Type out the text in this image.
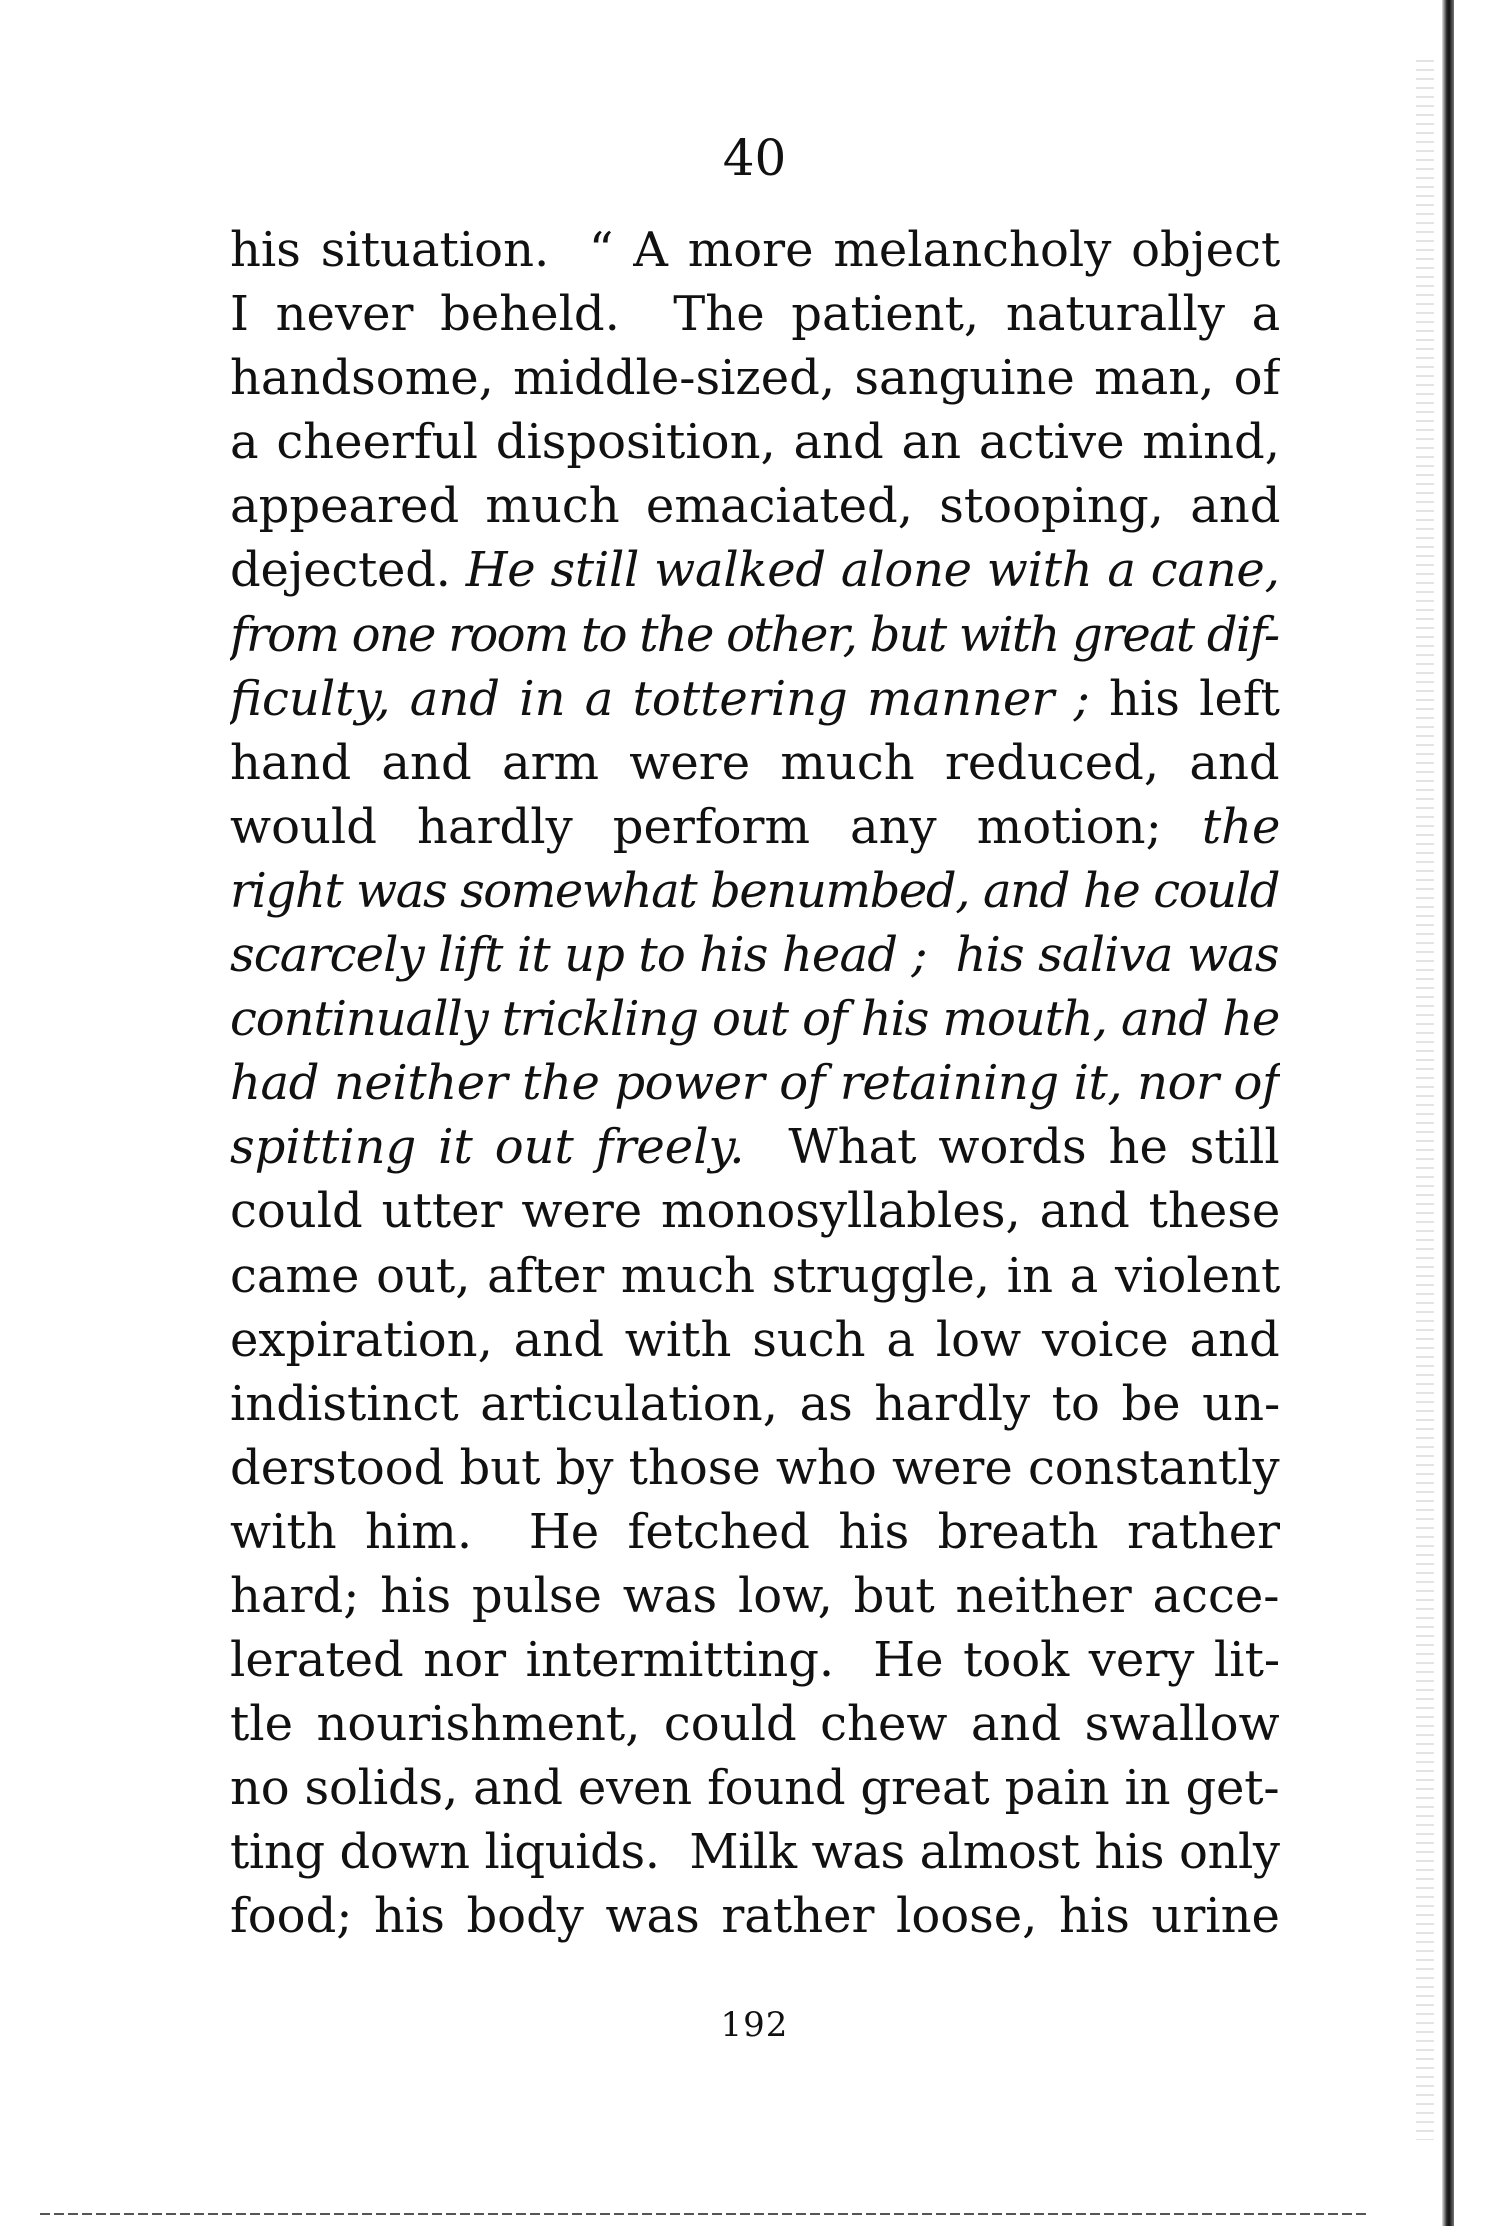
40
his situation.  “ A more melancholy object
I never beheld.  The patient, naturally a
handsome, middle-sized, sanguine man, of
a cheerful disposition, and an active mind,
appeared much emaciated, stooping, and
dejected. He still walked alone with a cane,
from one room to the other, but with great dif-
ficulty, and in a tottering manner ; his left
hand and arm were much reduced, and
would hardly perform any motion; the
right was somewhat benumbed, and he could
scarcely lift it up to his head ;  his saliva was
continually trickling out of his mouth, and he
had neither the power of retaining it, nor of
spitting it out freely.  What words he still
could utter were monosyllables, and these
came out, after much struggle, in a violent
expiration, and with such a low voice and
indistinct articulation, as hardly to be un-
derstood but by those who were constantly
with him.  He fetched his breath rather
hard; his pulse was low, but neither acce-
lerated nor intermitting.  He took very lit-
tle nourishment, could chew and swallow
no solids, and even found great pain in get-
ting down liquids.  Milk was almost his only
food; his body was rather loose, his urine
192
